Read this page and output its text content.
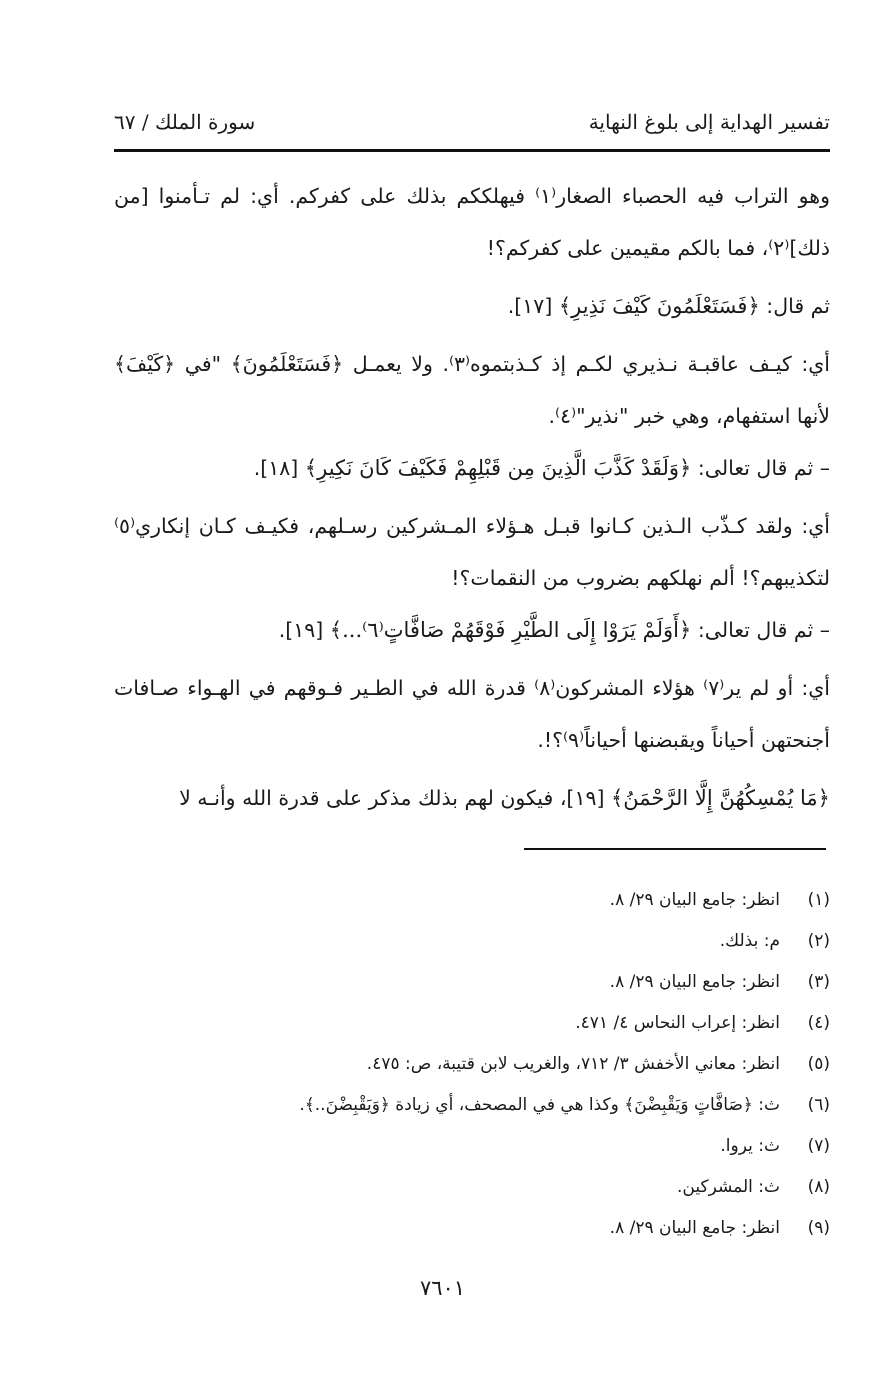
تفسير الهداية إلى بلوغ النهاية
سورة الملك / ٦٧

وهو التراب فيه الحصباء الصغار⁽١⁾ فيهلككم بذلك على كفركم. أي: لم تـأمنوا [من ذلك]⁽٢⁾، فما بالكم مقيمين على كفركم؟!

ثم قال: ﴿فَسَتَعْلَمُونَ كَيْفَ نَذِيرِ﴾ [١٧].

أي: كيـف عاقبـة نـذيري لكـم إذ كـذبتموه⁽٣⁾. ولا يعمـل ﴿فَسَتَعْلَمُونَ﴾ "في ﴿كَيْفَ﴾ لأنها استفهام، وهي خبر "نذير"⁽٤⁾.

– ثم قال تعالى: ﴿وَلَقَدْ كَذَّبَ الَّذِينَ مِن قَبْلِهِمْ فَكَيْفَ كَانَ نَكِيرِ﴾ [١٨].

أي: ولقد كـذّب الـذين كـانوا قبـل هـؤلاء المـشركين رسـلهم، فكيـف كـان إنكاري⁽٥⁾ لتكذيبهم؟! ألم نهلكهم بضروب من النقمات؟!

– ثم قال تعالى: ﴿أَوَلَمْ يَرَوْا إِلَى الطَّيْرِ فَوْقَهُمْ صَافَّاتٍ⁽٦⁾...﴾ [١٩].

أي: أو لم ير⁽٧⁾ هؤلاء المشركون⁽٨⁾ قدرة الله في الطـير فـوقهم في الهـواء صـافات أجنحتهن أحياناً ويقبضنها أحياناً⁽٩⁾؟!.

﴿مَا يُمْسِكُهُنَّ إِلَّا الرَّحْمَنُ﴾ [١٩]، فيكون لهم بذلك مذكر على قدرة الله وأنـه لا

(١)
انظر: جامع البيان ٢٩/ ٨.
(٢)
م: بذلك.
(٣)
انظر: جامع البيان ٢٩/ ٨.
(٤)
انظر: إعراب النحاس ٤/ ٤٧١.
(٥)
انظر: معاني الأخفش ٣/ ٧١٢، والغريب لابن قتيبة، ص: ٤٧٥.
(٦)
ث: ﴿صَافَّاتٍ وَيَقْبِضْنَ﴾ وكذا هي في المصحف، أي زيادة ﴿وَيَقْبِضْنَ..﴾.
(٧)
ث: يروا.
(٨)
ث: المشركين.
(٩)
انظر: جامع البيان ٢٩/ ٨.
٧٦٠١
